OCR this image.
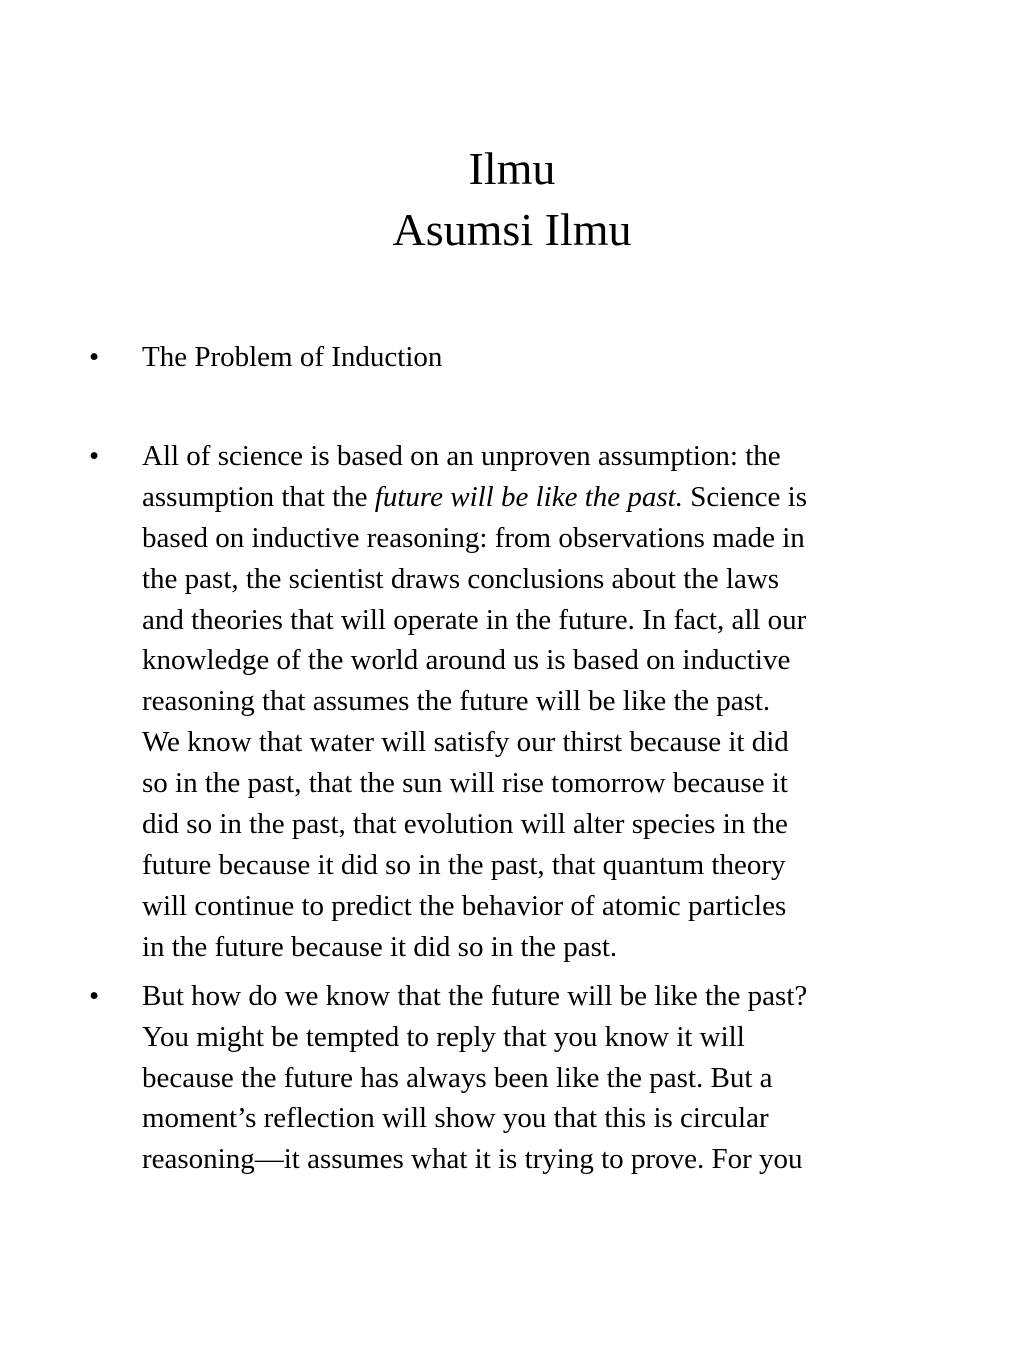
Ilmu
Asumsi Ilmu
•	The Problem of Induction
•	All of science is based on an unproven assumption: the
assumption that the future will be like the past. Science is
based on inductive reasoning: from observations made in
the past, the scientist draws conclusions about the laws
and theories that will operate in the future. In fact, all our
knowledge of the world around us is based on inductive
reasoning that assumes the future will be like the past.
We know that water will satisfy our thirst because it did
so in the past, that the sun will rise tomorrow because it
did so in the past, that evolution will alter species in the
future because it did so in the past, that quantum theory
will continue to predict the behavior of atomic particles
in the future because it did so in the past.
•	But how do we know that the future will be like the past?
You might be tempted to reply that you know it will
because the future has always been like the past. But a
moment’s reflection will show you that this is circular
reasoning—it assumes what it is trying to prove. For you
